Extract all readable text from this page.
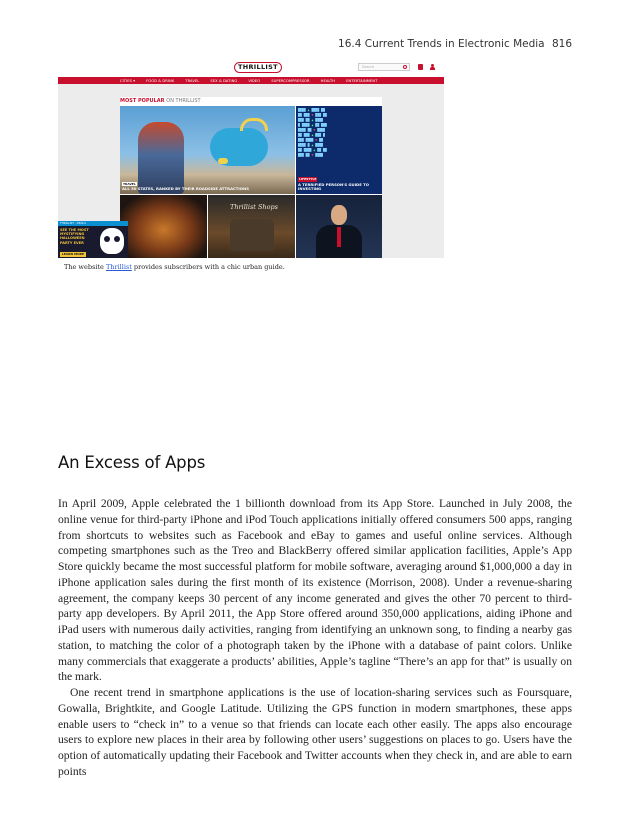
16.4 Current Trends in Electronic Media 816
THRILLIST	Search
CITIES ▾	FOOD & DRINK	TRAVEL	SEX & DATING	VIDEO	SUPERCOMPRESSOR	HEALTH	ENTERTAINMENT
MOST POPULAR ON THRILLIST
TRAVEL
ALL 50 STATES, RANKED BY THEIR ROADSIDE ATTRACTIONS
████ ▲ ████ ██
██ ███ ▼ ███ ██
███ ██ ▲ ████
█ ████ ▲ ██ ███
████ ██ ▼ ████
██ ███ ▲ ███ █
███ ████ ▼ ██
████ █ ▲ ████
██ ████ ▲ ██ ██
███ ██ ▼ ████
LIFESTYLE
A TERRIFIED PERSON'S GUIDE TO INVESTING
Thrillist Shops
THRILLIST · DEALS
SEE THE MOST MYSTIFYING HALLOWEEN PARTY EVER
LEARN MORE
The website Thrillist provides subscribers with a chic urban guide.
An Excess of Apps

In April 2009, Apple celebrated the 1 billionth download from its App Store. Launched in July 2008, the online venue for third-party iPhone and iPod Touch applications initially offered consumers 500 apps, ranging from shortcuts to websites such as Facebook and eBay to games and useful online services. Although competing smartphones such as the Treo and BlackBerry offered similar application facilities, Apple’s App Store quickly became the most successful platform for mobile software, averaging around $1,000,000 a day in iPhone application sales during the first month of its existence (Morrison, 2008). Under a revenue-sharing agreement, the company keeps 30 percent of any income generated and gives the other 70 percent to third-party app developers. By April 2011, the App Store offered around 350,000 applications, aiding iPhone and iPad users with numerous daily activities, ranging from identifying an unknown song, to finding a nearby gas station, to matching the color of a photograph taken by the iPhone with a database of paint colors. Unlike many commercials that exaggerate a products’ abilities, Apple’s tagline “There’s an app for that” is usually on the mark.

One recent trend in smartphone applications is the use of location-sharing services such as Foursquare, Gowalla, Brightkite, and Google Latitude. Utilizing the GPS function in modern smartphones, these apps enable users to “check in” to a venue so that friends can locate each other easily. The apps also encourage users to explore new places in their area by following other users’ suggestions on places to go. Users have the option of automatically updating their Facebook and Twitter accounts when they check in, and are able to earn points
